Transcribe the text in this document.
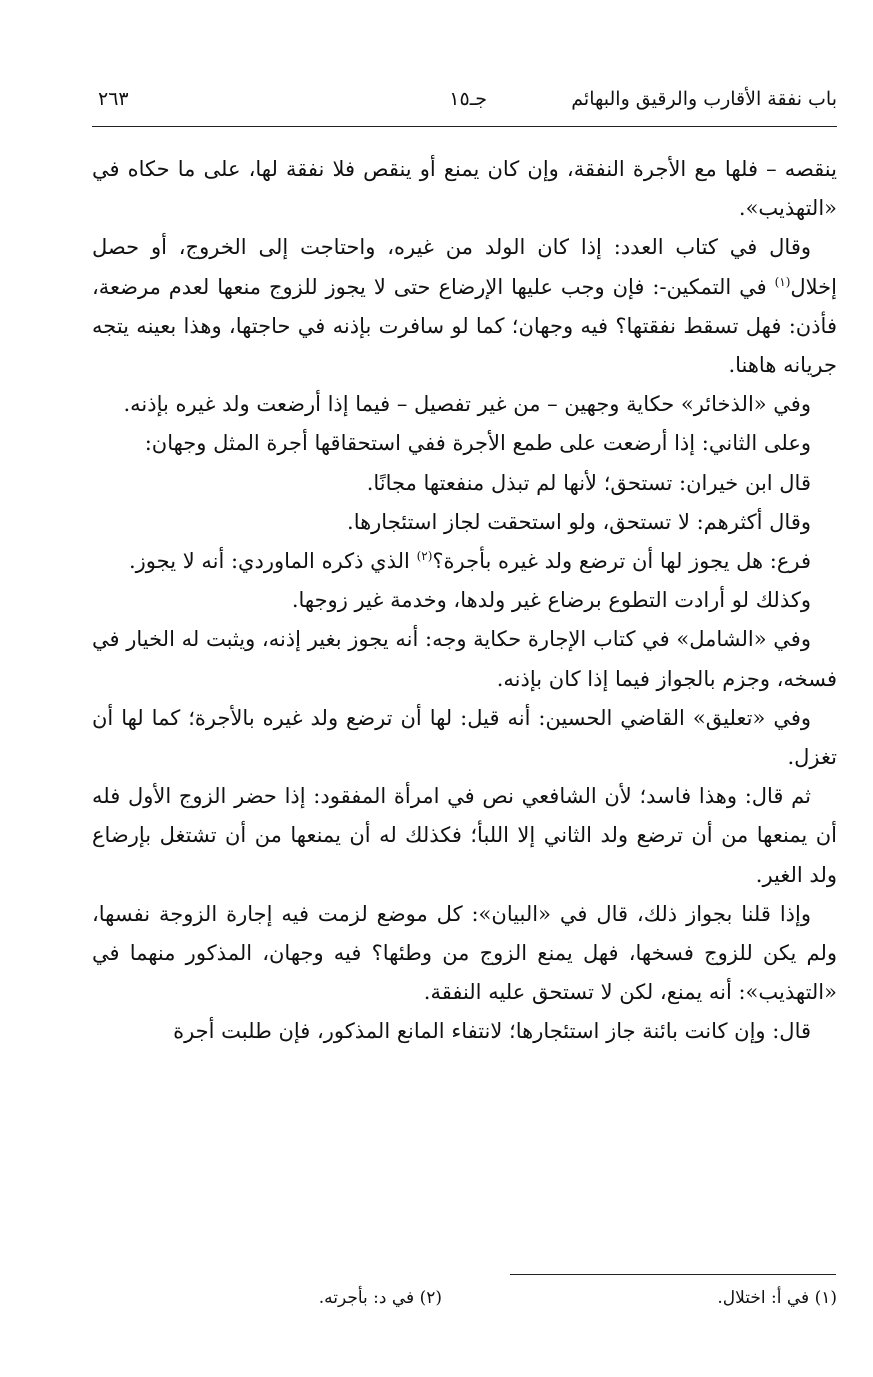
باب نفقة الأقارب والرقيق والبهائم
جـ١٥
٢٦٣

ينقصه – فلها مع الأجرة النفقة، وإن كان يمنع أو ينقص فلا نفقة لها، على ما حكاه في «التهذيب».

وقال في كتاب العدد: إذا كان الولد من غيره، واحتاجت إلى الخروج، أو حصل إخلال$^{(١)}$ في التمكين-: فإن وجب عليها الإرضاع حتى لا يجوز للزوج منعها لعدم مرضعة، فأذن: فهل تسقط نفقتها؟ فيه وجهان؛ كما لو سافرت بإذنه في حاجتها، وهذا بعينه يتجه جريانه هاهنا.

وفي «الذخائر» حكاية وجهين – من غير تفصيل – فيما إذا أرضعت ولد غيره بإذنه.

وعلى الثاني: إذا أرضعت على طمع الأجرة ففي استحقاقها أجرة المثل وجهان:

قال ابن خيران: تستحق؛ لأنها لم تبذل منفعتها مجانًا.

وقال أكثرهم: لا تستحق، ولو استحقت لجاز استئجارها.

فرع: هل يجوز لها أن ترضع ولد غيره بأجرة؟$^{(٢)}$ الذي ذكره الماوردي: أنه لا يجوز.

وكذلك لو أرادت التطوع برضاع غير ولدها، وخدمة غير زوجها.

وفي «الشامل» في كتاب الإجارة حكاية وجه: أنه يجوز بغير إذنه، ويثبت له الخيار في فسخه، وجزم بالجواز فيما إذا كان بإذنه.

وفي «تعليق» القاضي الحسين: أنه قيل: لها أن ترضع ولد غيره بالأجرة؛ كما لها أن تغزل.

ثم قال: وهذا فاسد؛ لأن الشافعي نص في امرأة المفقود: إذا حضر الزوج الأول فله أن يمنعها من أن ترضع ولد الثاني إلا اللبأ؛ فكذلك له أن يمنعها من أن تشتغل بإرضاع ولد الغير.

وإذا قلنا بجواز ذلك، قال في «البيان»: كل موضع لزمت فيه إجارة الزوجة نفسها، ولم يكن للزوج فسخها، فهل يمنع الزوج من وطئها؟ فيه وجهان، المذكور منهما في «التهذيب»: أنه يمنع، لكن لا تستحق عليه النفقة.

قال: وإن كانت بائنة جاز استئجارها؛ لانتفاء المانع المذكور، فإن طلبت أجرة

(١) في أ: اختلال.
(٢) في د: بأجرته.
